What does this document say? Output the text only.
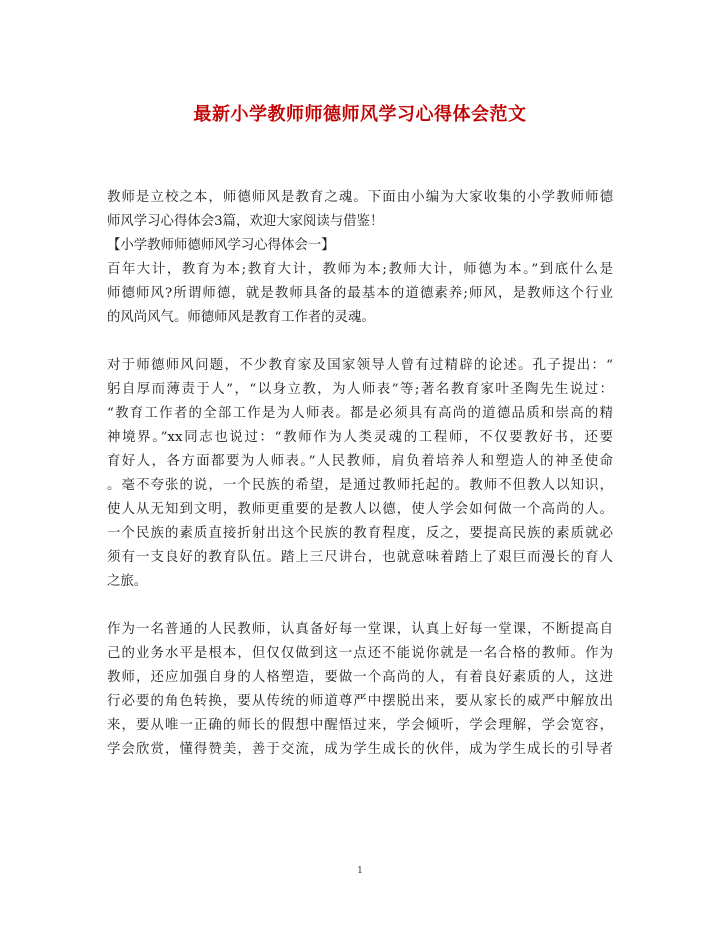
最新小学教师师德师风学习心得体会范文
教师是立校之本，师德师风是教育之魂。下面由小编为大家收集的小学教师师德
师风学习心得体会3篇，欢迎大家阅读与借鉴！
【小学教师师德师风学习心得体会一】
百年大计，教育为本;教育大计，教师为本;教师大计，师德为本。”到底什么是
师德师风?所谓师德，就是教师具备的最基本的道德素养;师风，是教师这个行业
的风尚风气。师德师风是教育工作者的灵魂。
对于师德师风问题，不少教育家及国家领导人曾有过精辟的论述。孔子提出：“
躬自厚而薄责于人”，“以身立教，为人师表”等;著名教育家叶圣陶先生说过：
“教育工作者的全部工作是为人师表。都是必须具有高尚的道德品质和崇高的精
神境界。”xx同志也说过：“教师作为人类灵魂的工程师，不仅要教好书，还要
育好人，各方面都要为人师表。”人民教师，肩负着培养人和塑造人的神圣使命
。毫不夸张的说，一个民族的希望，是通过教师托起的。教师不但教人以知识，
使人从无知到文明，教师更重要的是教人以德，使人学会如何做一个高尚的人。
一个民族的素质直接折射出这个民族的教育程度，反之，要提高民族的素质就必
须有一支良好的教育队伍。踏上三尺讲台，也就意味着踏上了艰巨而漫长的育人
之旅。
作为一名普通的人民教师，认真备好每一堂课，认真上好每一堂课，不断提高自
己的业务水平是根本，但仅仅做到这一点还不能说你就是一名合格的教师。作为
教师，还应加强自身的人格塑造，要做一个高尚的人，有着良好素质的人，这进
行必要的角色转换，要从传统的师道尊严中摆脱出来，要从家长的威严中解放出
来，要从唯一正确的师长的假想中醒悟过来，学会倾听，学会理解，学会宽容，
学会欣赏，懂得赞美，善于交流，成为学生成长的伙伴，成为学生成长的引导者
1
